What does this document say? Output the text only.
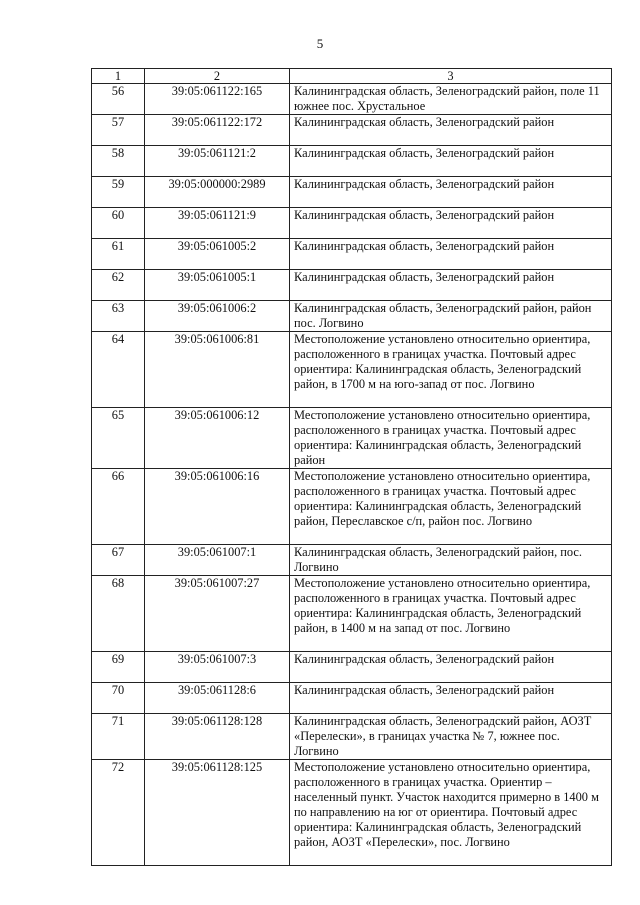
5
1	2	3
56	39:05:061122:165	Калининградская область, Зеленоградский район, поле 11 южнее пос. Хрустальное
57	39:05:061122:172	Калининградская область, Зеленоградский район
58	39:05:061121:2	Калининградская область, Зеленоградский район
59	39:05:000000:2989	Калининградская область, Зеленоградский район
60	39:05:061121:9	Калининградская область, Зеленоградский район
61	39:05:061005:2	Калининградская область, Зеленоградский район
62	39:05:061005:1	Калининградская область, Зеленоградский район
63	39:05:061006:2	Калининградская область, Зеленоградский район, район пос. Логвино
64	39:05:061006:81	Местоположение установлено относительно ориентира, расположенного в границах участка. Почтовый адрес ориентира: Калининградская область, Зеленоградский район, в 1700 м на юго-запад от пос. Логвино
65	39:05:061006:12	Местоположение установлено относительно ориентира, расположенного в границах участка. Почтовый адрес ориентира: Калининградская область, Зеленоградский район
66	39:05:061006:16	Местоположение установлено относительно ориентира, расположенного в границах участка. Почтовый адрес ориентира: Калининградская область, Зеленоградский район, Переславское с/п, район пос. Логвино
67	39:05:061007:1	Калининградская область, Зеленоградский район, пос. Логвино
68	39:05:061007:27	Местоположение установлено относительно ориентира, расположенного в границах участка. Почтовый адрес ориентира: Калининградская область, Зеленоградский район, в 1400 м на запад от пос. Логвино
69	39:05:061007:3	Калининградская область, Зеленоградский район
70	39:05:061128:6	Калининградская область, Зеленоградский район
71	39:05:061128:128	Калининградская область, Зеленоградский район, АОЗТ «Перелески», в границах участка № 7, южнее пос. Логвино
72	39:05:061128:125	Местоположение установлено относительно ориентира, расположенного в границах участка. Ориентир – населенный пункт. Участок находится примерно в 1400 м по направлению на юг от ориентира. Почтовый адрес ориентира: Калининградская область, Зеленоградский район, АОЗТ «Перелески», пос. Логвино
